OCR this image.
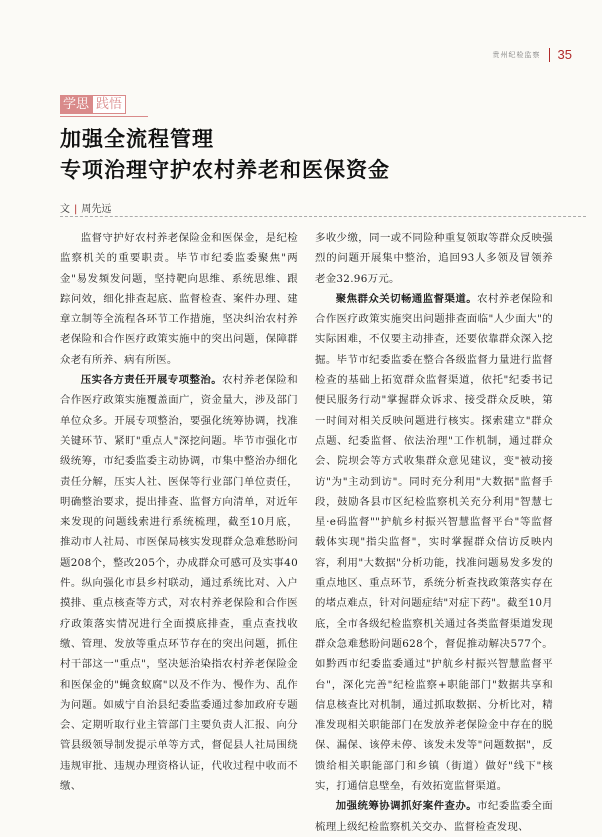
贵州纪检监察 35
学思 践悟
加强全流程管理
专项治理守护农村养老和医保资金
文 | 周先远

监督守护好农村养老保险金和医保金，是纪检监察机关的重要职责。毕节市纪委监委聚焦"两金"易发频发问题，坚持靶向思维、系统思维、跟踪问效，细化排查起底、监督检查、案件办理、建章立制等全流程各环节工作措施，坚决纠治农村养老保险和合作医疗政策实施中的突出问题，保障群众老有所养、病有所医。

压实各方责任开展专项整治。农村养老保险和合作医疗政策实施覆盖面广，资金量大，涉及部门单位众多。开展专项整治，要强化统筹协调，找准关键环节、紧盯"重点人"深挖问题。毕节市强化市级统筹，市纪委监委主动协调，市集中整治办细化责任分解，压实人社、医保等行业部门单位责任，明确整治要求，提出排查、监督方向清单，对近年来发现的问题线索进行系统梳理，截至10月底，推动市人社局、市医保局核实发现群众急难愁盼问题208个，整改205个，办成群众可感可及实事40件。纵向强化市县乡村联动，通过系统比对、入户摸排、重点核查等方式，对农村养老保险和合作医疗政策落实情况进行全面摸底排查，重点查找收缴、管理、发放等重点环节存在的突出问题，抓住村干部这一"重点"，坚决惩治染指农村养老保险金和医保金的"蝇贪蚁腐"以及不作为、慢作为、乱作为问题。如威宁自治县纪委监委通过参加政府专题会、定期听取行业主管部门主要负责人汇报、向分管县级领导制发提示单等方式，督促县人社局围绕违规审批、违规办理资格认证，代收过程中收而不缴、

多收少缴，同一或不同险种重复领取等群众反映强烈的问题开展集中整治，追回93人多领及冒领养老金32.96万元。

聚焦群众关切畅通监督渠道。农村养老保险和合作医疗政策实施突出问题排查面临"人少面大"的实际困难，不仅要主动排查，还要依靠群众深入挖掘。毕节市纪委监委在整合各级监督力量进行监督检查的基础上拓宽群众监督渠道，依托"纪委书记便民服务行动"掌握群众诉求、接受群众反映，第一时间对相关反映问题进行核实。探索建立"群众点题、纪委监督、依法治理"工作机制，通过群众会、院坝会等方式收集群众意见建议，变"被动接访"为"主动到访"。同时充分利用"大数据"监督手段，鼓励各县市区纪检监察机关充分利用"智慧七星·e码监督""护航乡村振兴智慧监督平台"等监督载体实现"指尖监督"，实时掌握群众信访反映内容，利用"大数据"分析功能，找准问题易发多发的重点地区、重点环节，系统分析查找政策落实存在的堵点难点，针对问题症结"对症下药"。截至10月底，全市各级纪检监察机关通过各类监督渠道发现群众急难愁盼问题628个，督促推动解决577个。如黔西市纪委监委通过"护航乡村振兴智慧监督平台"，深化完善"纪检监察+职能部门"数据共享和信息核查比对机制，通过抓取数据、分析比对，精准发现相关职能部门在发放养老保险金中存在的脱保、漏保、该停未停、该发未发等"问题数据"，反馈给相关职能部门和乡镇（街道）做好"线下"核实，打通信息壁垒，有效拓宽监督渠道。

加强统筹协调抓好案件查办。市纪委监委全面梳理上级纪检监察机关交办、监督检查发现、
